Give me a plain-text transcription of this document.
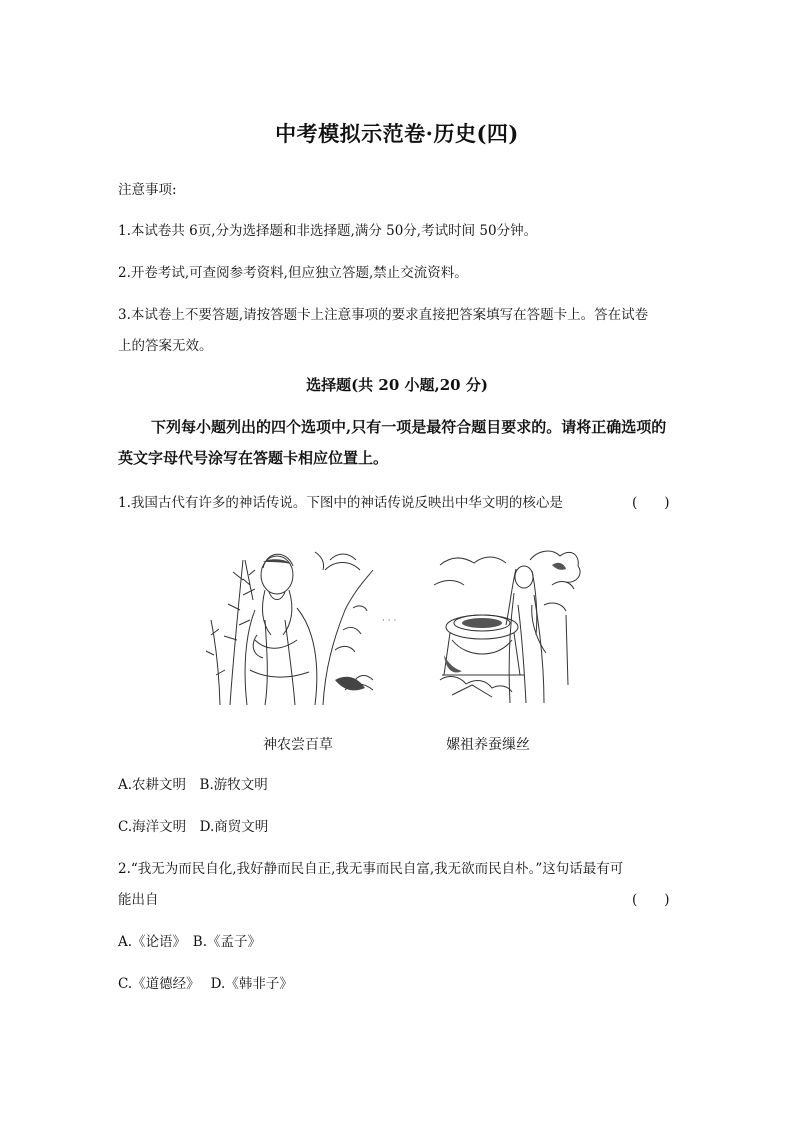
中考模拟示范卷·历史(四)
注意事项:
1.本试卷共 6页,分为选择题和非选择题,满分 50分,考试时间 50分钟。
2.开卷考试,可查阅参考资料,但应独立答题,禁止交流资料。
3.本试卷上不要答题,请按答题卡上注意事项的要求直接把答案填写在答题卡上。答在试卷
上的答案无效。
选择题(共 20 小题,20 分)
下列每小题列出的四个选项中,只有一项是最符合题目要求的。请将正确选项的英文字母代号涂写在答题卡相应位置上。
1.我国古代有许多的神话传说。下图中的神话传说反映出中华文明的核心是	(　　)
· · ·
神农尝百草	嫘祖养蚕缫丝
A.农耕文明　B.游牧文明
C.海洋文明　D.商贸文明
2.“我无为而民自化,我好静而民自正,我无事而民自富,我无欲而民自朴。”这句话最有可
能出自	(　　)
A.《论语》　B.《孟子》
C.《道德经》　 D.《韩非子》
